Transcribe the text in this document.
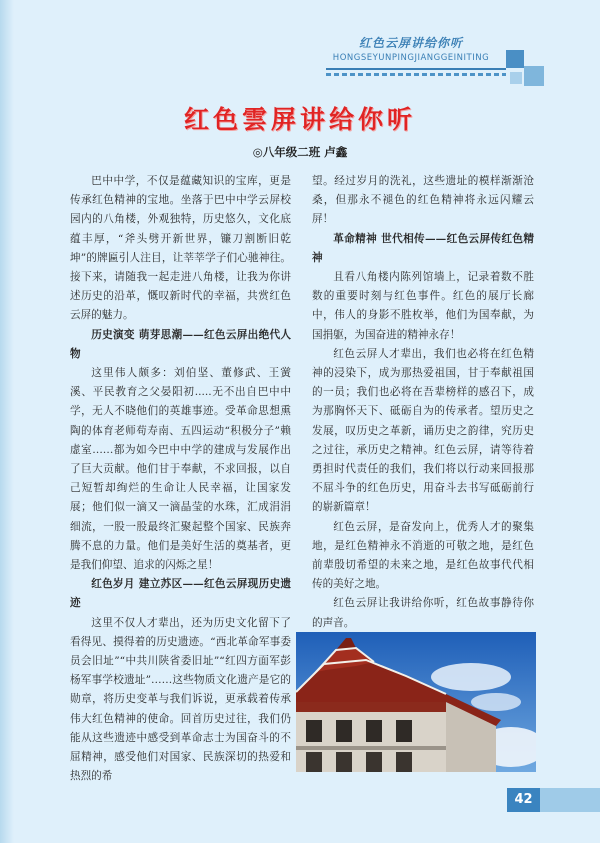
红色云屏讲给你听
HONGSEYUNPINGJIANGGEINITING
红色雲屏讲给你听
◎八年级二班 卢鑫

巴中中学，不仅是蕴藏知识的宝库，更是传承红色精神的宝地。坐落于巴中中学云屏校园内的八角楼，外观独特，历史悠久，文化底蕴丰厚，“斧头劈开新世界，镰刀割断旧乾坤”的牌匾引人注目，让莘莘学子们心驰神往。接下来，请随我一起走进八角楼，让我为你讲述历史的沿革，慨叹新时代的幸福，共赏红色云屏的魅力。

历史演变 萌芽思潮——红色云屏出绝代人物

这里伟人颇多：刘伯坚、董修武、王黉溪、平民教育之父晏阳初.....无不出自巴中中学，无人不晓他们的英雄事迹。受革命思想熏陶的体育老师苟寿南、五四运动“积极分子”赖虚室……都为如今巴中中学的建成与发展作出了巨大贡献。他们甘于奉献，不求回报，以自己短暂却绚烂的生命让人民幸福，让国家发展；他们似一滴又一滴晶莹的水珠，汇成涓涓细流，一股一股最终汇聚起整个国家、民族奔腾不息的力量。他们是美好生活的奠基者，更是我们仰望、追求的闪烁之星！

红色岁月 建立苏区——红色云屏现历史遗迹

这里不仅人才辈出，还为历史文化留下了看得见、摸得着的历史遗迹。“西北革命军事委员会旧址”“中共川陕省委旧址”“红四方面军彭杨军事学校遗址”……这些物质文化遗产是它的勋章，将历史变革与我们诉说，更承载着传承伟大红色精神的使命。回首历史过往，我们仍能从这些遗迹中感受到革命志士为国奋斗的不屈精神，感受他们对国家、民族深切的热爱和热烈的希

望。经过岁月的洗礼，这些遗址的模样渐渐沧桑，但那永不褪色的红色精神将永远闪耀云屏！

革命精神 世代相传——红色云屏传红色精神

且看八角楼内陈列馆墙上，记录着数不胜数的重要时刻与红色事件。红色的展厅长廊中，伟人的身影不胜枚举，他们为国奉献，为国捐躯，为国奋进的精神永存！

红色云屏人才辈出，我们也必将在红色精神的浸染下，成为那热爱祖国，甘于奉献祖国的一员；我们也必将在吾辈榜样的感召下，成为那胸怀天下、砥砺自为的传承者。望历史之发展，叹历史之革新，诵历史之韵律，究历史之过往，承历史之精神。红色云屏，请等待着勇担时代责任的我们，我们将以行动来回报那不屈斗争的红色历史，用奋斗去书写砥砺前行的崭新篇章！

红色云屏，是奋发向上，优秀人才的聚集地，是红色精神永不消逝的可敬之地，是红色前辈殷切希望的未来之地，是红色故事代代相传的美好之地。

红色云屏让我讲给你听，红色故事静待你的声音。

42
